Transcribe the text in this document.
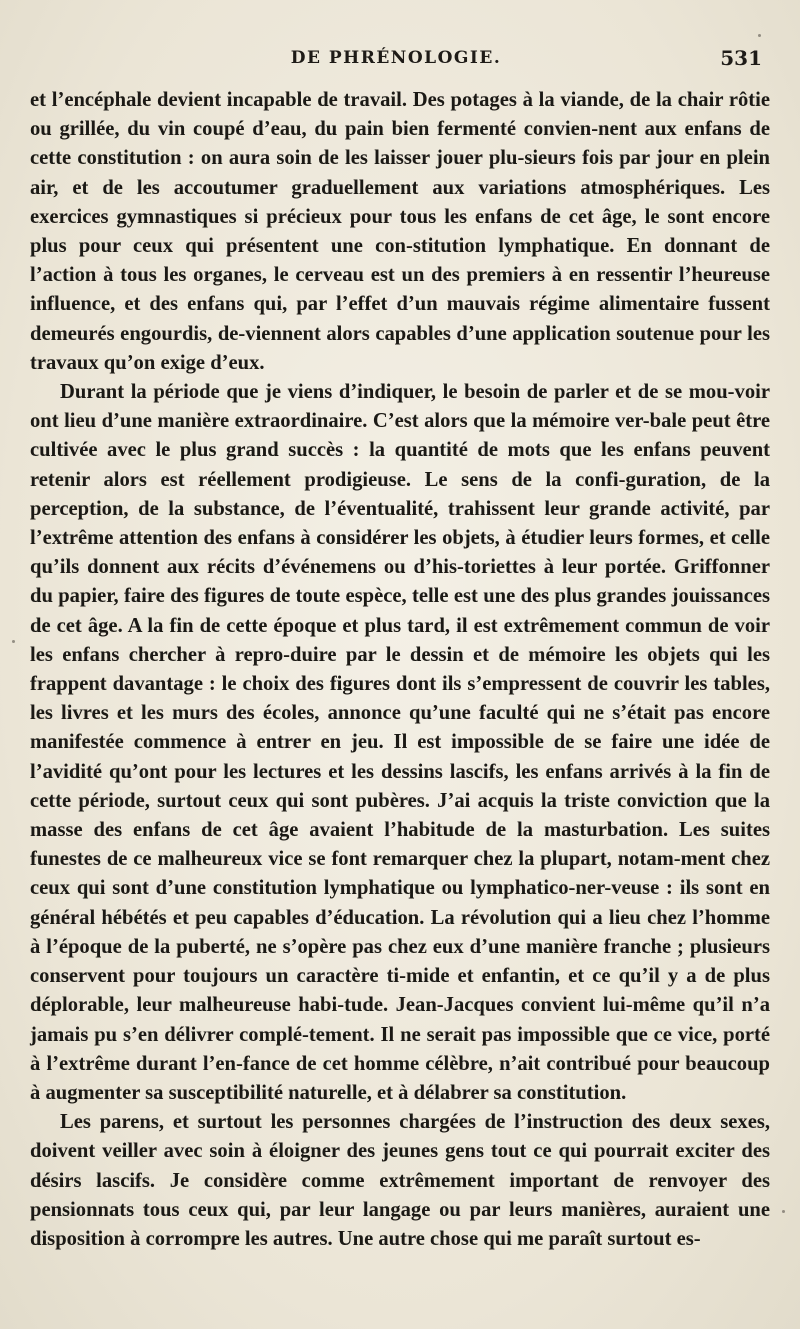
DE PHRÉNOLOGIE.	531

et l’encéphale devient incapable de travail. Des potages à la viande, de la chair rôtie ou grillée, du vin coupé d’eau, du pain bien fermenté convien-nent aux enfans de cette constitution : on aura soin de les laisser jouer plu-sieurs fois par jour en plein air, et de les accoutumer graduellement aux variations atmosphériques. Les exercices gymnastiques si précieux pour tous les enfans de cet âge, le sont encore plus pour ceux qui présentent une con-stitution lymphatique. En donnant de l’action à tous les organes, le cerveau est un des premiers à en ressentir l’heureuse influence, et des enfans qui, par l’effet d’un mauvais régime alimentaire fussent demeurés engourdis, de-viennent alors capables d’une application soutenue pour les travaux qu’on exige d’eux.

Durant la période que je viens d’indiquer, le besoin de parler et de se mou-voir ont lieu d’une manière extraordinaire. C’est alors que la mémoire ver-bale peut être cultivée avec le plus grand succès : la quantité de mots que les enfans peuvent retenir alors est réellement prodigieuse. Le sens de la confi-guration, de la perception, de la substance, de l’éventualité, trahissent leur grande activité, par l’extrême attention des enfans à considérer les objets, à étudier leurs formes, et celle qu’ils donnent aux récits d’événemens ou d’his-toriettes à leur portée. Griffonner du papier, faire des figures de toute espèce, telle est une des plus grandes jouissances de cet âge. A la fin de cette époque et plus tard, il est extrêmement commun de voir les enfans chercher à repro-duire par le dessin et de mémoire les objets qui les frappent davantage : le choix des figures dont ils s’empressent de couvrir les tables, les livres et les murs des écoles, annonce qu’une faculté qui ne s’était pas encore manifestée commence à entrer en jeu. Il est impossible de se faire une idée de l’avidité qu’ont pour les lectures et les dessins lascifs, les enfans arrivés à la fin de cette période, surtout ceux qui sont pubères. J’ai acquis la triste conviction que la masse des enfans de cet âge avaient l’habitude de la masturbation. Les suites funestes de ce malheureux vice se font remarquer chez la plupart, notam-ment chez ceux qui sont d’une constitution lymphatique ou lymphatico-ner-veuse : ils sont en général hébétés et peu capables d’éducation. La révolution qui a lieu chez l’homme à l’époque de la puberté, ne s’opère pas chez eux d’une manière franche ; plusieurs conservent pour toujours un caractère ti-mide et enfantin, et ce qu’il y a de plus déplorable, leur malheureuse habi-tude. Jean-Jacques convient lui-même qu’il n’a jamais pu s’en délivrer complé-tement. Il ne serait pas impossible que ce vice, porté à l’extrême durant l’en-fance de cet homme célèbre, n’ait contribué pour beaucoup à augmenter sa susceptibilité naturelle, et à délabrer sa constitution.

Les parens, et surtout les personnes chargées de l’instruction des deux sexes, doivent veiller avec soin à éloigner des jeunes gens tout ce qui pourrait exciter des désirs lascifs. Je considère comme extrêmement important de renvoyer des pensionnats tous ceux qui, par leur langage ou par leurs manières, auraient une disposition à corrompre les autres. Une autre chose qui me paraît surtout es-
